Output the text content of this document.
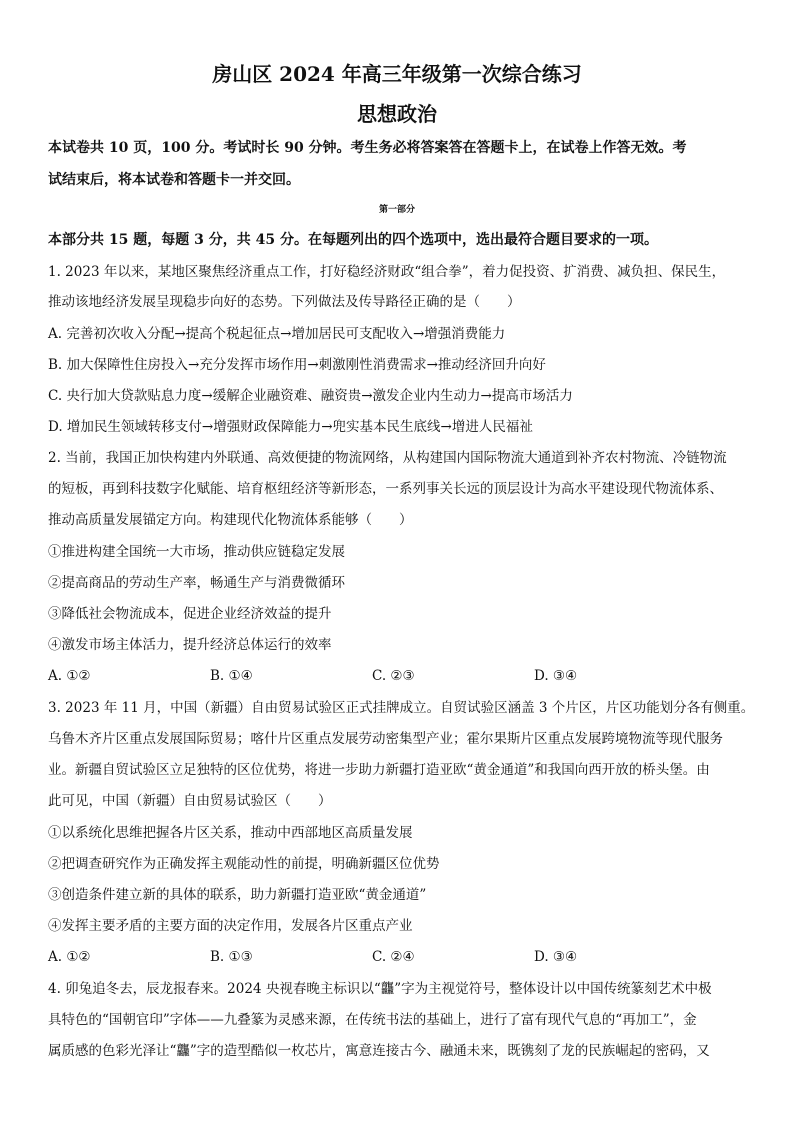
房山区 2024 年高三年级第一次综合练习
思想政治
本试卷共 10 页，100 分。考试时长 90 分钟。考生务必将答案答在答题卡上，在试卷上作答无效。考
试结束后，将本试卷和答题卡一并交回。
第一部分
本部分共 15 题，每题 3 分，共 45 分。在每题列出的四个选项中，选出最符合题目要求的一项。
1. 2023 年以来，某地区聚焦经济重点工作，打好稳经济财政“组合拳”，着力促投资、扩消费、减负担、保民生，
推动该地经济发展呈现稳步向好的态势。下列做法及传导路径正确的是（　　）
A. 完善初次收入分配→提高个税起征点→增加居民可支配收入→增强消费能力
B. 加大保障性住房投入→充分发挥市场作用→刺激刚性消费需求→推动经济回升向好
C. 央行加大贷款贴息力度→缓解企业融资难、融资贵→激发企业内生动力→提高市场活力
D. 增加民生领域转移支付→增强财政保障能力→兜实基本民生底线→增进人民福祉
2. 当前，我国正加快构建内外联通、高效便捷的物流网络，从构建国内国际物流大通道到补齐农村物流、冷链物流
的短板，再到科技数字化赋能、培育枢纽经济等新形态，一系列事关长远的顶层设计为高水平建设现代物流体系、
推动高质量发展锚定方向。构建现代化物流体系能够（　　）
①推进构建全国统一大市场，推动供应链稳定发展
②提高商品的劳动生产率，畅通生产与消费微循环
③降低社会物流成本，促进企业经济效益的提升
④激发市场主体活力，提升经济总体运行的效率
A. ①②	B. ①④	C. ②③	D. ③④
3. 2023 年 11 月，中国（新疆）自由贸易试验区正式挂牌成立。自贸试验区涵盖 3 个片区，片区功能划分各有侧重。
乌鲁木齐片区重点发展国际贸易；喀什片区重点发展劳动密集型产业；霍尔果斯片区重点发展跨境物流等现代服务
业。新疆自贸试验区立足独特的区位优势，将进一步助力新疆打造亚欧“黄金通道”和我国向西开放的桥头堡。由
此可见，中国（新疆）自由贸易试验区（　　）
①以系统化思维把握各片区关系，推动中西部地区高质量发展
②把调查研究作为正确发挥主观能动性的前提，明确新疆区位优势
③创造条件建立新的具体的联系，助力新疆打造亚欧“黄金通道”
④发挥主要矛盾的主要方面的决定作用，发展各片区重点产业
A. ①②	B. ①③	C. ②④	D. ③④
4. 卯兔追冬去，辰龙报春来。2024 央视春晚主标识以“龘”字为主视觉符号，整体设计以中国传统篆刻艺术中极
具特色的“国朝官印”字体——九叠篆为灵感来源，在传统书法的基础上，进行了富有现代气息的“再加工”，金
属质感的色彩光泽让“龘”字的造型酷似一枚芯片，寓意连接古今、融通未来，既镌刻了龙的民族崛起的密码，又
